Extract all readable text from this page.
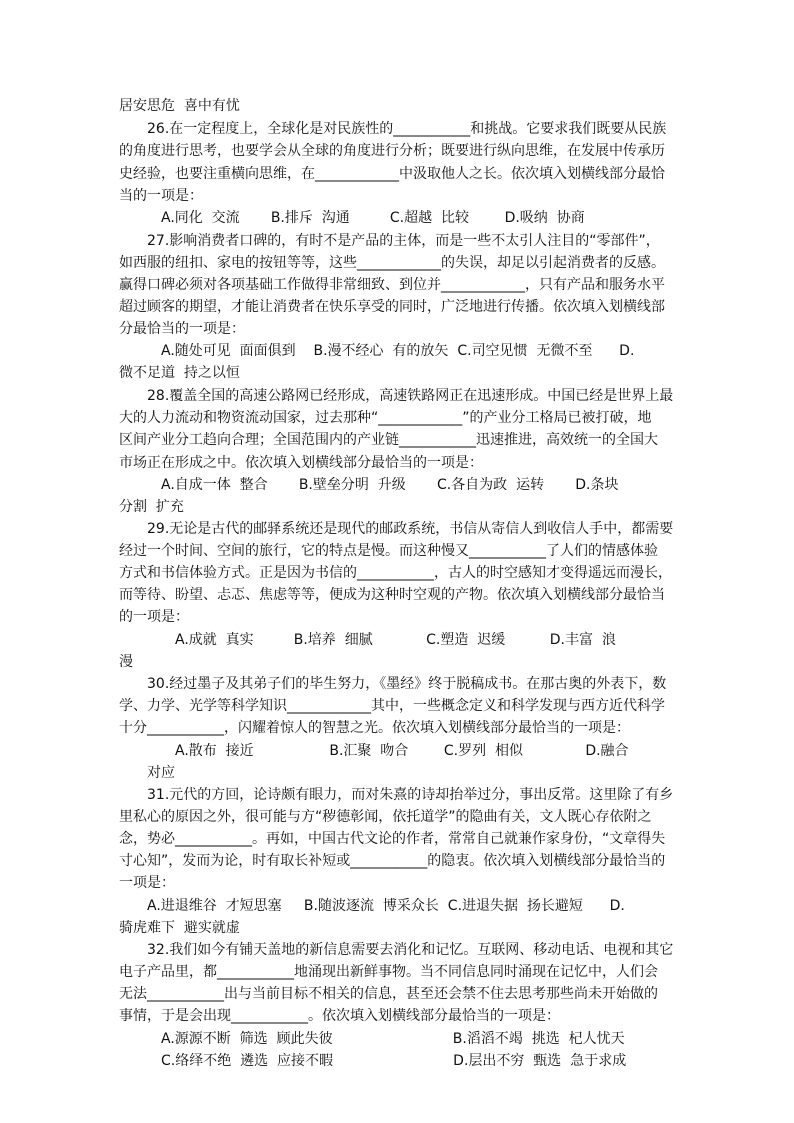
居安思危  喜中有忧
26.在一定程度上，全球化是对民族性的___________和挑战。它要求我们既要从民族
的角度进行思考，也要学会从全球的角度进行分析；既要进行纵向思维，在发展中传承历
史经验，也要注重横向思维，在____________中汲取他人之长。依次填入划横线部分最恰
当的一项是：
A.同化  交流       B.排斥  沟通         C.超越  比较        D.吸纳  协商
27.影响消费者口碑的，有时不是产品的主体，而是一些不太引人注目的“零部件”，
如西服的纽扣、家电的按钮等等，这些____________的失误，却足以引起消费者的反感。
赢得口碑必须对各项基础工作做得非常细致、到位并____________，只有产品和服务水平
超过顾客的期望，才能让消费者在快乐享受的同时，广泛地进行传播。依次填入划横线部
分最恰当的一项是：
A.随处可见  面面俱到    B.漫不经心  有的放矢  C.司空见惯  无微不至      D.
微不足道  持之以恒
28.覆盖全国的高速公路网已经形成，高速铁路网正在迅速形成。中国已经是世界上最
大的人力流动和物资流动国家，过去那种“____________”的产业分工格局已被打破，地
区间产业分工趋向合理；全国范围内的产业链___________迅速推进，高效统一的全国大
市场正在形成之中。依次填入划横线部分最恰当的一项是：
A.自成一体  整合       B.壁垒分明  升级       C.各自为政  运转       D.条块
分割  扩充
29.无论是古代的邮驿系统还是现代的邮政系统，书信从寄信人到收信人手中，都需要
经过一个时间、空间的旅行，它的特点是慢。而这种慢又___________了人们的情感体验
方式和书信体验方式。正是因为书信的___________，古人的时空感知才变得遥远而漫长，
而等待、盼望、忐忑、焦虑等等，便成为这种时空观的产物。依次填入划横线部分最恰当
的一项是：
A.成就  真实         B.培养  细腻            C.塑造  迟缓          D.丰富  浪
漫
30.经过墨子及其弟子们的毕生努力，《墨经》终于脱稿成书。在那古奥的外表下，数
学、力学、光学等科学知识____________其中，一些概念定义和科学发现与西方近代科学
十分___________，闪耀着惊人的智慧之光。依次填入划横线部分最恰当的一项是：
A.散布  接近                 B.汇聚  吻合        C.罗列  相似              D.融合
对应
31.元代的方回，论诗颇有眼力，而对朱熹的诗却抬举过分，事出反常。这里除了有乡
里私心的原因之外，很可能与方“秽德彰闻，依托道学”的隐曲有关，文人既心存依附之
念，势必___________。再如，中国古代文论的作者，常常自己就兼作家身份，“文章得失
寸心知”，发而为论，时有取长补短或___________的隐衷。依次填入划横线部分最恰当的
一项是：
A.进退维谷  才短思塞     B.随波逐流  博采众长  C.进退失据  扬长避短      D.
骑虎难下  避实就虚
32.我们如今有铺天盖地的新信息需要去消化和记忆。互联网、移动电话、电视和其它
电子产品里，都___________地涌现出新鲜事物。当不同信息同时涌现在记忆中，人们会
无法___________出与当前目标不相关的信息，甚至还会禁不住去思考那些尚未开始做的
事情，于是会出现___________。依次填入划横线部分最恰当的一项是：
A.源源不断  筛选  顾此失彼                           B.滔滔不竭  挑选  杞人忧天
C.络绎不绝  遴选  应接不暇                           D.层出不穷  甄选  急于求成
